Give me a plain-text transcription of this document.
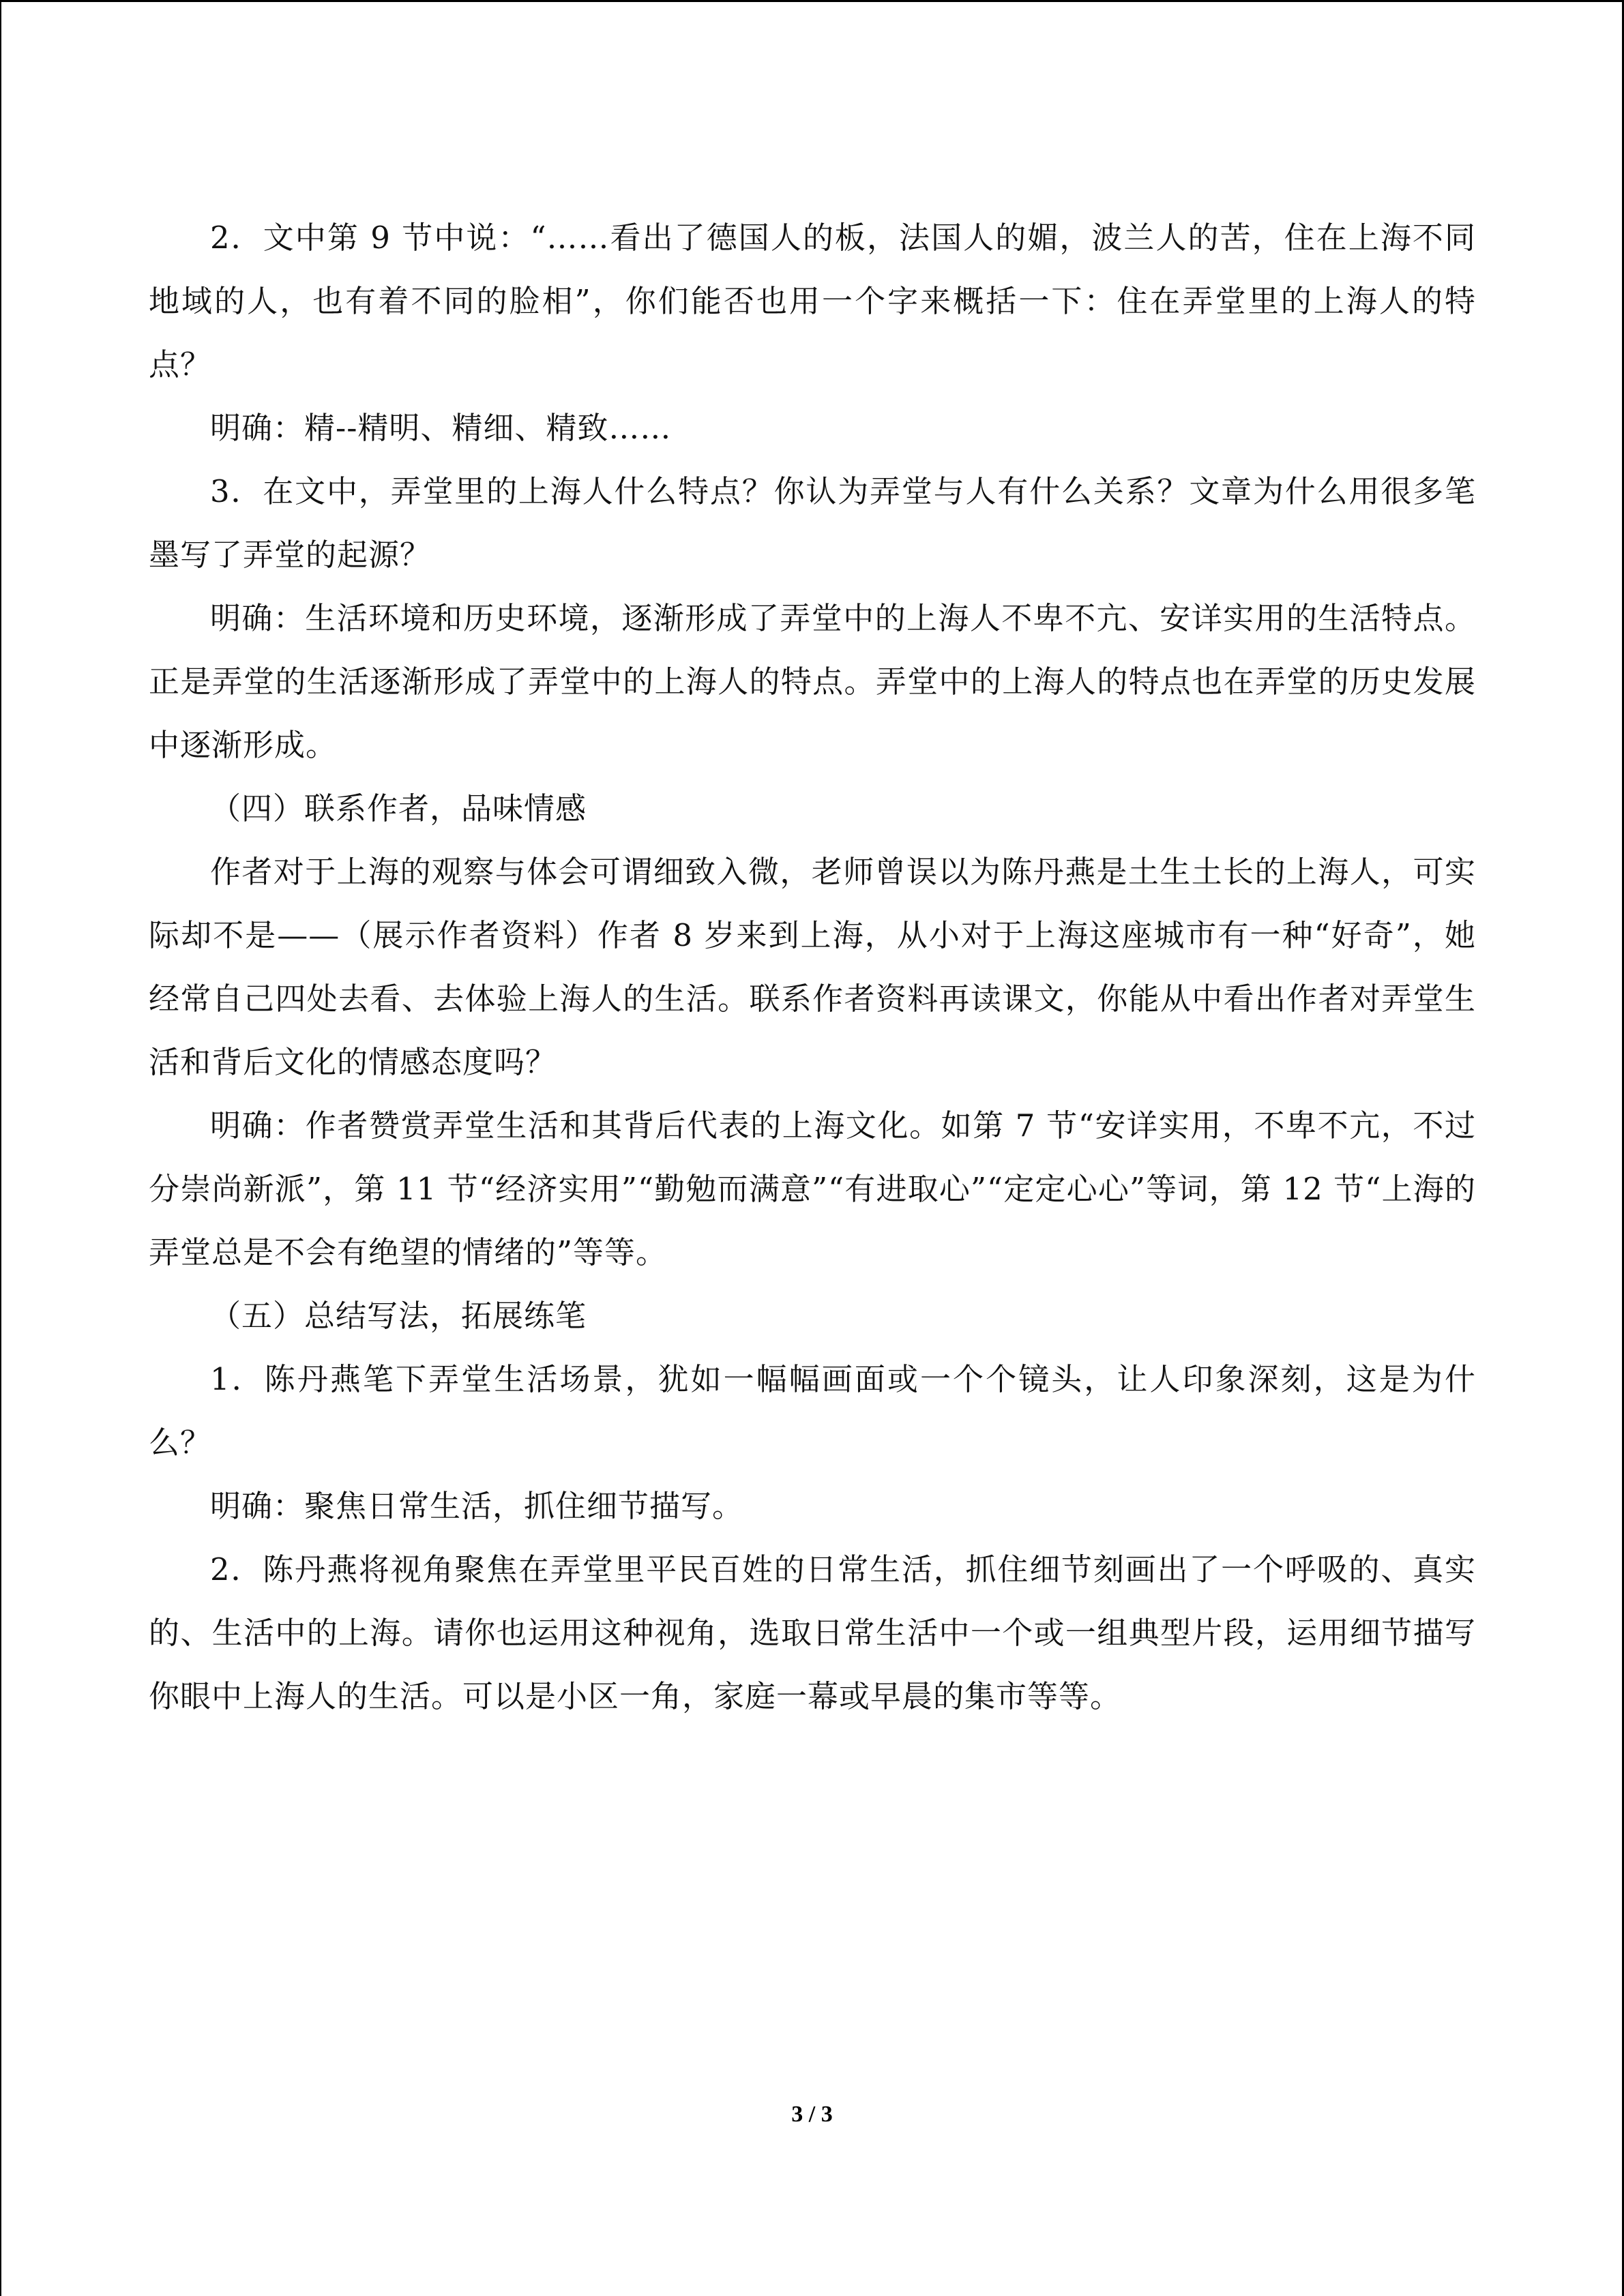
2．文中第 9 节中说：“……看出了德国人的板，法国人的媚，波兰人的苦，住在上海不同地域的人，也有着不同的脸相”，你们能否也用一个字来概括一下：住在弄堂里的上海人的特点？

明确：精--精明、精细、精致……

3．在文中，弄堂里的上海人什么特点？你认为弄堂与人有什么关系？文章为什么用很多笔墨写了弄堂的起源？

明确：生活环境和历史环境，逐渐形成了弄堂中的上海人不卑不亢、安详实用的生活特点。正是弄堂的生活逐渐形成了弄堂中的上海人的特点。弄堂中的上海人的特点也在弄堂的历史发展中逐渐形成。

（四）联系作者，品味情感

作者对于上海的观察与体会可谓细致入微，老师曾误以为陈丹燕是土生土长的上海人，可实际却不是——（展示作者资料）作者 8 岁来到上海，从小对于上海这座城市有一种“好奇”，她经常自己四处去看、去体验上海人的生活。联系作者资料再读课文，你能从中看出作者对弄堂生活和背后文化的情感态度吗？

明确：作者赞赏弄堂生活和其背后代表的上海文化。如第 7 节“安详实用，不卑不亢，不过分崇尚新派”，第 11 节“经济实用”“勤勉而满意”“有进取心”“定定心心”等词，第 12 节“上海的弄堂总是不会有绝望的情绪的”等等。

（五）总结写法，拓展练笔

1．陈丹燕笔下弄堂生活场景，犹如一幅幅画面或一个个镜头，让人印象深刻，这是为什么？

明确：聚焦日常生活，抓住细节描写。

2．陈丹燕将视角聚焦在弄堂里平民百姓的日常生活，抓住细节刻画出了一个呼吸的、真实的、生活中的上海。请你也运用这种视角，选取日常生活中一个或一组典型片段，运用细节描写你眼中上海人的生活。可以是小区一角，家庭一幕或早晨的集市等等。

3 / 3
